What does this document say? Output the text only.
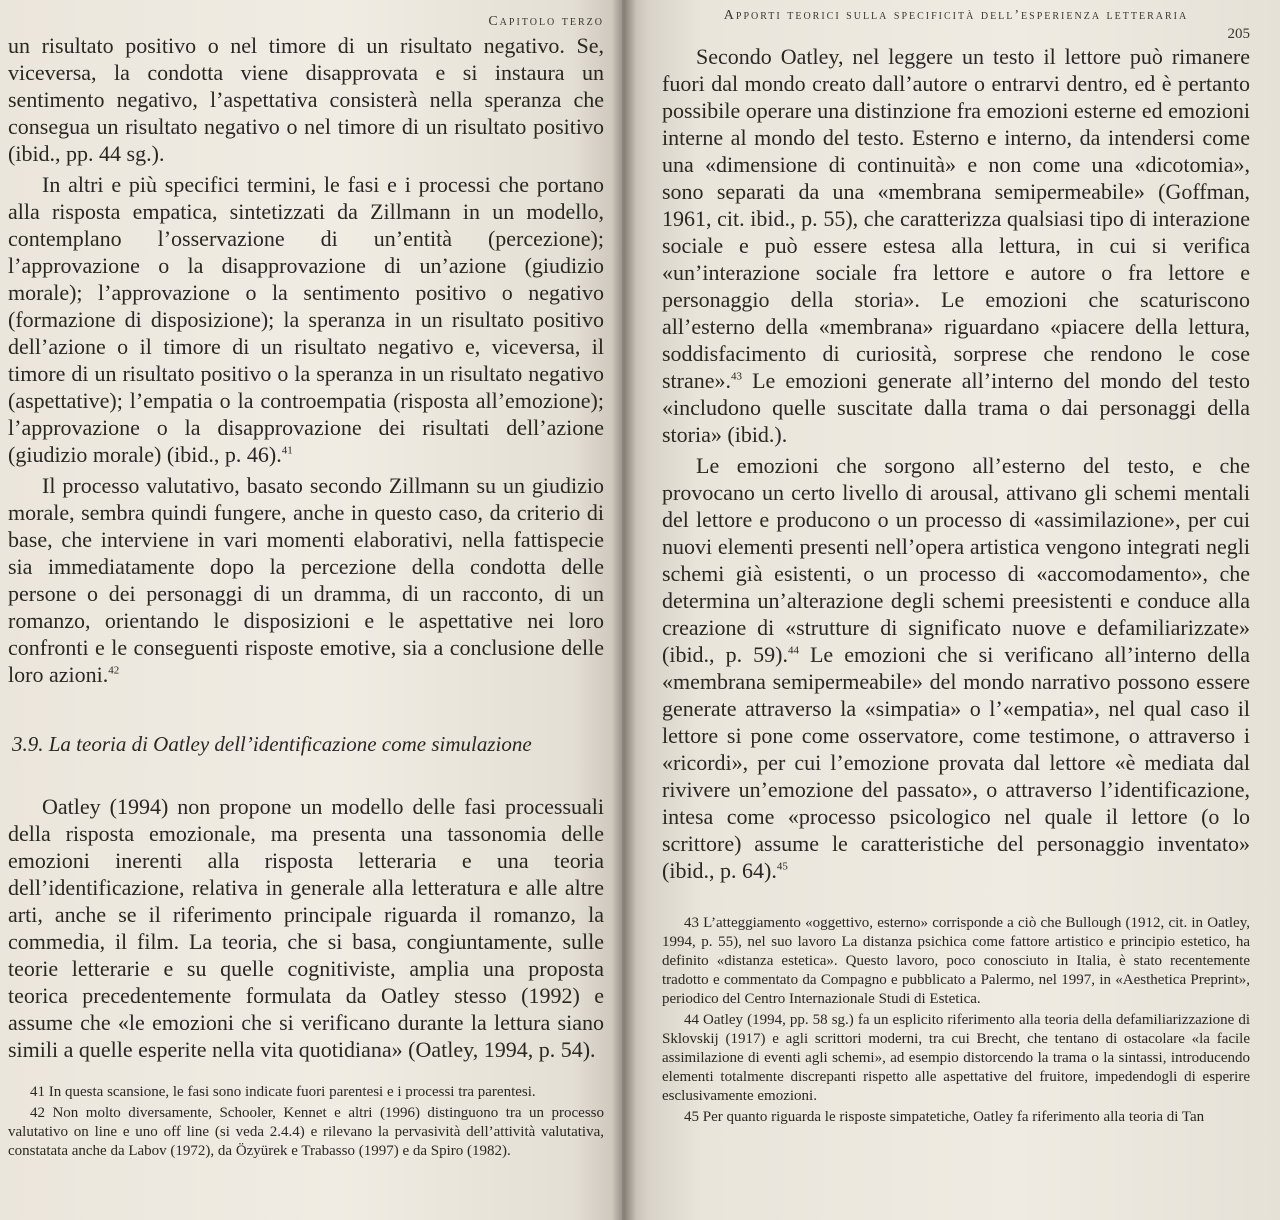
Capitolo terzo

un risultato positivo o nel timore di un risultato negativo. Se, viceversa, la condotta viene disapprovata e si instaura un sentimento negativo, l’aspettativa consisterà nella speranza che consegua un risultato negativo o nel timore di un risultato positivo (ibid., pp. 44 sg.).

In altri e più specifici termini, le fasi e i processi che portano alla risposta empatica, sintetizzati da Zillmann in un modello, contemplano l’osservazione di un’entità (percezione); l’approvazione o la disapprovazione di un’azione (giudizio morale); l’approvazione o la sentimento positivo o negativo (formazione di disposizione); la speranza in un risultato positivo dell’azione o il timore di un risultato negativo e, viceversa, il timore di un risultato positivo o la speranza in un risultato negativo (aspettative); l’empatia o la controempatia (risposta all’emozione); l’approvazione o la disapprovazione dei risultati dell’azione (giudizio morale) (ibid., p. 46).$^{41}$

Il processo valutativo, basato secondo Zillmann su un giudizio morale, sembra quindi fungere, anche in questo caso, da criterio di base, che interviene in vari momenti elaborativi, nella fattispecie sia immediatamente dopo la percezione della condotta delle persone o dei personaggi di un dramma, di un racconto, di un romanzo, orientando le disposizioni e le aspettative nei loro confronti e le conseguenti risposte emotive, sia a conclusione delle loro azioni.$^{42}$

3.9. La teoria di Oatley dell’identificazione come simulazione

Oatley (1994) non propone un modello delle fasi processuali della risposta emozionale, ma presenta una tassonomia delle emozioni inerenti alla risposta letteraria e una teoria dell’identificazione, relativa in generale alla letteratura e alle altre arti, anche se il riferimento principale riguarda il romanzo, la commedia, il film. La teoria, che si basa, congiuntamente, sulle teorie letterarie e su quelle cognitiviste, amplia una proposta teorica precedentemente formulata da Oatley stesso (1992) e assume che «le emozioni che si verificano durante la lettura siano simili a quelle esperite nella vita quotidiana» (Oatley, 1994, p. 54).

41 In questa scansione, le fasi sono indicate fuori parentesi e i processi tra parentesi.

42 Non molto diversamente, Schooler, Kennet e altri (1996) distinguono tra un processo valutativo on line e uno off line (si veda 2.4.4) e rilevano la pervasività dell’attività valutativa, constatata anche da Labov (1972), da Özyürek e Trabasso (1997) e da Spiro (1982).

Apporti teorici sulla specificità dell’esperienza letteraria
205

Secondo Oatley, nel leggere un testo il lettore può rimanere fuori dal mondo creato dall’autore o entrarvi dentro, ed è pertanto possibile operare una distinzione fra emozioni esterne ed emozioni interne al mondo del testo. Esterno e interno, da intendersi come una «dimensione di continuità» e non come una «dicotomia», sono separati da una «membrana semipermeabile» (Goffman, 1961, cit. ibid., p. 55), che caratterizza qualsiasi tipo di interazione sociale e può essere estesa alla lettura, in cui si verifica «un’interazione sociale fra lettore e autore o fra lettore e personaggio della storia». Le emozioni che scaturiscono all’esterno della «membrana» riguardano «piacere della lettura, soddisfacimento di curiosità, sorprese che rendono le cose strane».$^{43}$ Le emozioni generate all’interno del mondo del testo «includono quelle suscitate dalla trama o dai personaggi della storia» (ibid.).

Le emozioni che sorgono all’esterno del testo, e che provocano un certo livello di arousal, attivano gli schemi mentali del lettore e producono o un processo di «assimilazione», per cui nuovi elementi presenti nell’opera artistica vengono integrati negli schemi già esistenti, o un processo di «accomodamento», che determina un’alterazione degli schemi preesistenti e conduce alla creazione di «strutture di significato nuove e defamiliarizzate» (ibid., p. 59).$^{44}$ Le emozioni che si verificano all’interno della «membrana semipermeabile» del mondo narrativo possono essere generate attraverso la «simpatia» o l’«empatia», nel qual caso il lettore si pone come osservatore, come testimone, o attraverso i «ricordi», per cui l’emozione provata dal lettore «è mediata dal rivivere un’emozione del passato», o attraverso l’identificazione, intesa come «processo psicologico nel quale il lettore (o lo scrittore) assume le caratteristiche del personaggio inventato» (ibid., p. 64).$^{45}$

43 L’atteggiamento «oggettivo, esterno» corrisponde a ciò che Bullough (1912, cit. in Oatley, 1994, p. 55), nel suo lavoro La distanza psichica come fattore artistico e principio estetico, ha definito «distanza estetica». Questo lavoro, poco conosciuto in Italia, è stato recentemente tradotto e commentato da Compagno e pubblicato a Palermo, nel 1997, in «Aesthetica Preprint», periodico del Centro Internazionale Studi di Estetica.

44 Oatley (1994, pp. 58 sg.) fa un esplicito riferimento alla teoria della defamiliarizzazione di Sklovskij (1917) e agli scrittori moderni, tra cui Brecht, che tentano di ostacolare «la facile assimilazione di eventi agli schemi», ad esempio distorcendo la trama o la sintassi, introducendo elementi totalmente discrepanti rispetto alle aspettative del fruitore, impedendogli di esperire esclusivamente emozioni.

45 Per quanto riguarda le risposte simpatetiche, Oatley fa riferimento alla teoria di Tan
